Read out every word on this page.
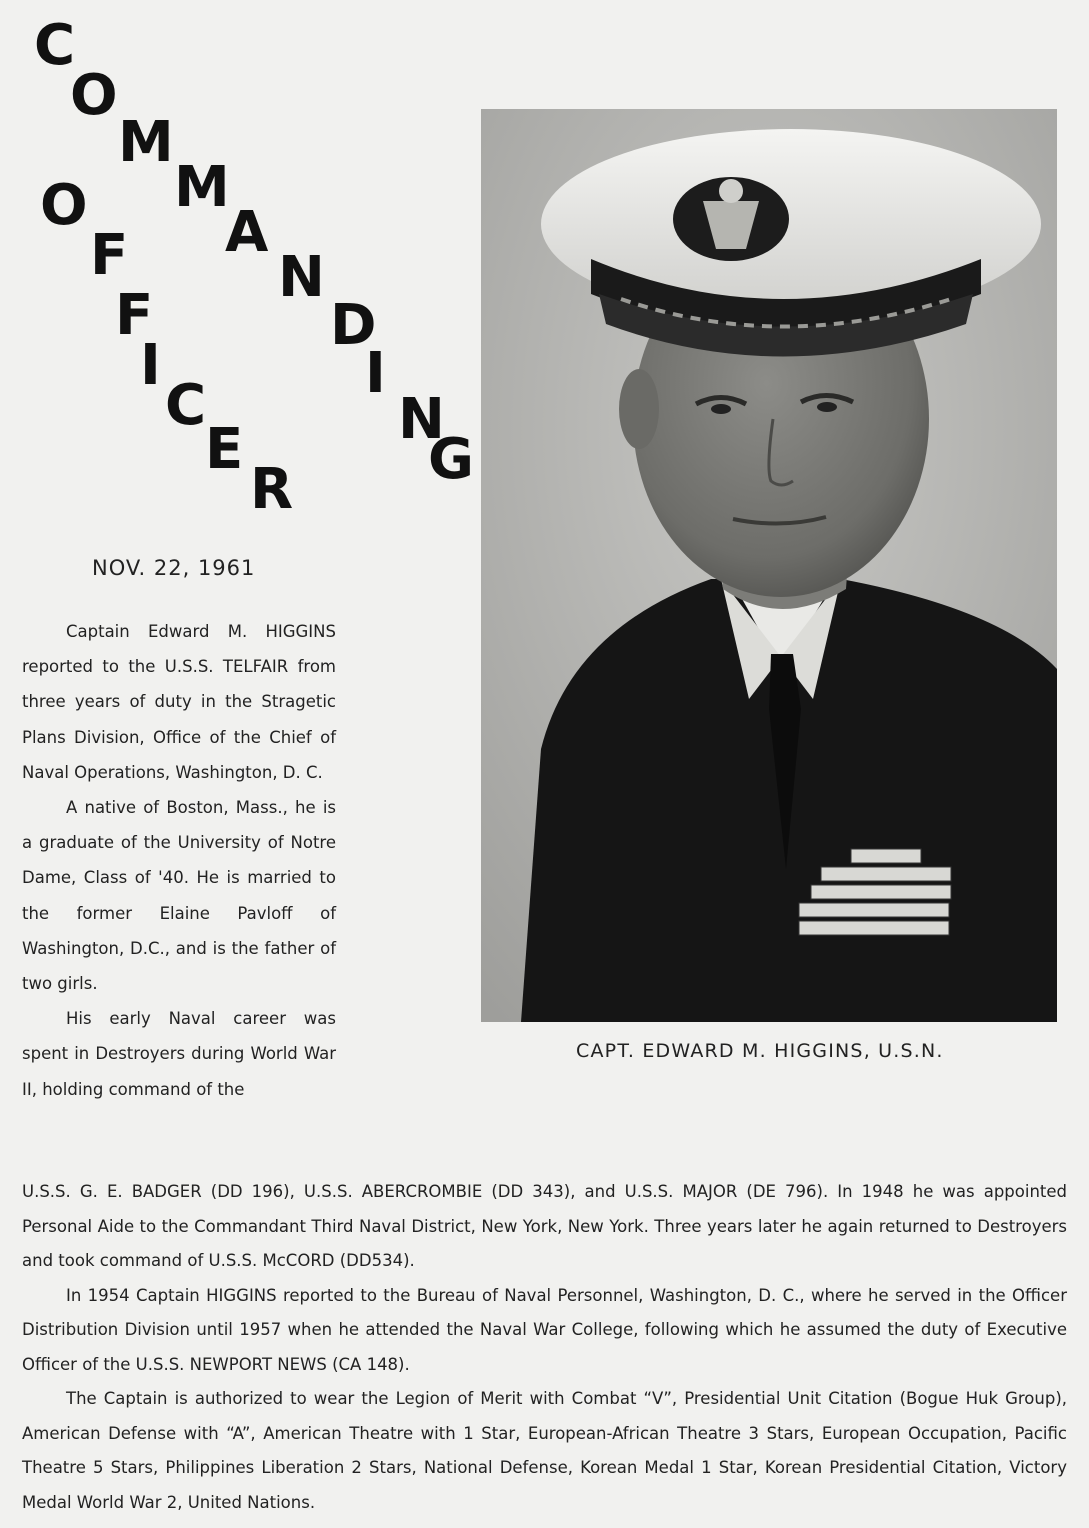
C
O
M
M
A
N
D
I
N
G
O
F
F
I
C
E
R
NOV. 22, 1961

Captain Edward M. HIGGINS reported to the U.S.S. TELFAIR from three years of duty in the Stragetic Plans Division, Office of the Chief of Naval Operations, Washington, D. C.

A native of Boston, Mass., he is a graduate of the University of Notre Dame, Class of '40. He is married to the former Elaine Pavloff of Washington, D.C., and is the father of two girls.

His early Naval career was spent in Destroyers during World War II, holding command of the

CAPT. EDWARD M. HIGGINS, U.S.N.

U.S.S. G. E. BADGER (DD 196), U.S.S. ABERCROMBIE (DD 343), and U.S.S. MAJOR (DE 796). In 1948 he was appointed Personal Aide to the Commandant Third Naval District, New York, New York. Three years later he again returned to Destroyers and took command of U.S.S. McCORD (DD534).

In 1954 Captain HIGGINS reported to the Bureau of Naval Personnel, Washington, D. C., where he served in the Officer Distribution Division until 1957 when he attended the Naval War College, following which he assumed the duty of Executive Officer of the U.S.S. NEWPORT NEWS (CA 148).

The Captain is authorized to wear the Legion of Merit with Combat “V”, Presidential Unit Citation (Bogue Huk Group), American Defense with “A”, American Theatre with 1 Star, European-African Theatre 3 Stars, European Occupation, Pacific Theatre 5 Stars, Philippines Liberation 2 Stars, National Defense, Korean Medal 1 Star, Korean Presidential Citation, Victory Medal World War 2, United Nations.
